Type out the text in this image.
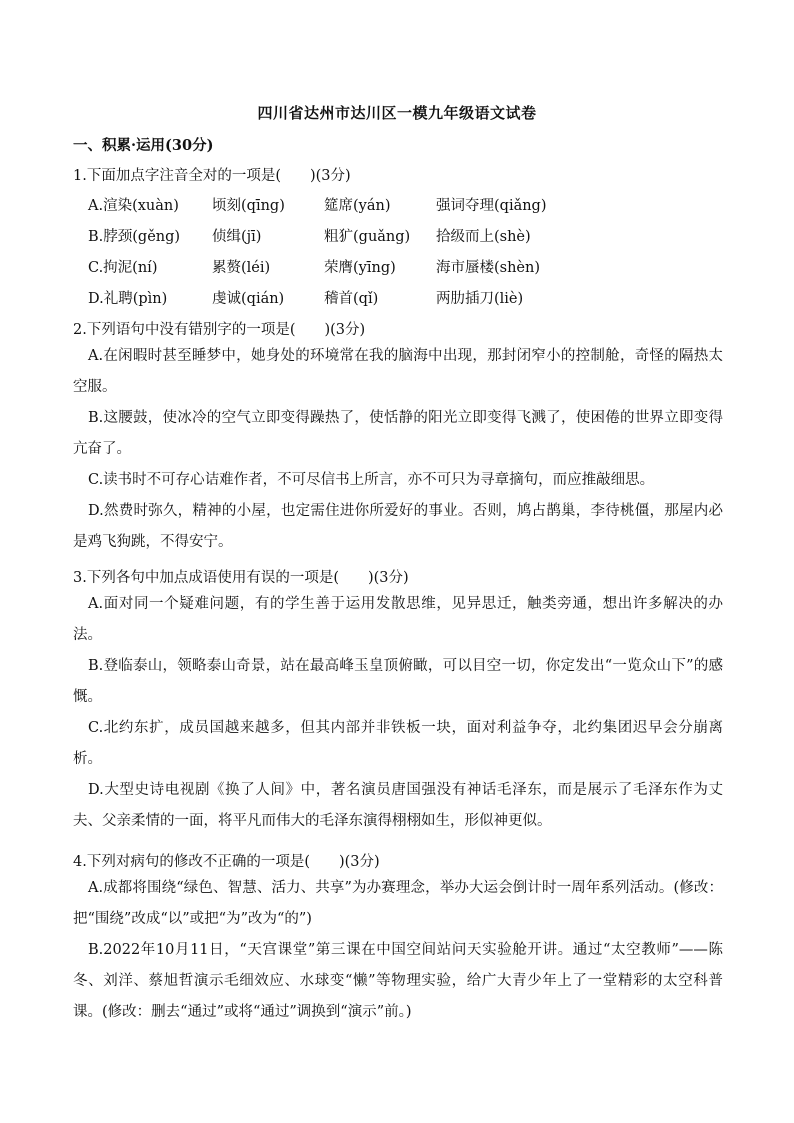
四川省达州市达川区一模九年级语文试卷
一、积累·运用(30分)
1.下面加点字注音全对的一项是(　　)(3分)
A.渲染(xuàn) 顷刻(qīng)	筵席(yán)	强词夺理(qiǎng)
B.脖颈(gěng) 侦缉(jī)	粗犷(guǎng) 拾级而上(shè)
C.拘泥(ní)	累赘(léi)	荣膺(yīng)	海市蜃楼(shèn)
D.礼聘(pìn)	虔诚(qián)	稽首(qǐ)	两肋插刀(liè)
2.下列语句中没有错别字的一项是(　　)(3分)
A.在闲暇时甚至睡梦中，她身处的环境常在我的脑海中出现，那封闭窄小的控制舱，奇怪的隔热太空服。
B.这腰鼓，使冰冷的空气立即变得躁热了，使恬静的阳光立即变得飞溅了，使困倦的世界立即变得亢奋了。
C.读书时不可存心诘难作者，不可尽信书上所言，亦不可只为寻章摘句，而应推敲细思。
D.然费时弥久，精神的小屋，也定需住进你所爱好的事业。否则，鸠占鹊巢，李待桃僵，那屋内必是鸡飞狗跳，不得安宁。
3.下列各句中加点成语使用有误的一项是(　　)(3分)
A.面对同一个疑难问题，有的学生善于运用发散思维，见异思迁，触类旁通，想出许多解决的办法。
B.登临泰山，领略泰山奇景，站在最高峰玉皇顶俯瞰，可以目空一切，你定发出“一览众山下”的感慨。
C.北约东扩，成员国越来越多，但其内部并非铁板一块，面对利益争夺，北约集团迟早会分崩离析。
D.大型史诗电视剧《换了人间》中，著名演员唐国强没有神话毛泽东，而是展示了毛泽东作为丈夫、父亲柔情的一面，将平凡而伟大的毛泽东演得栩栩如生，形似神更似。
4.下列对病句的修改不正确的一项是(　　)(3分)
A.成都将围绕“绿色、智慧、活力、共享”为办赛理念，举办大运会倒计时一周年系列活动。(修改：把“围绕”改成“以”或把“为”改为“的”)
B.2022年10月11日，“天宫课堂”第三课在中国空间站问天实验舱开讲。通过“太空教师”——陈冬、刘洋、蔡旭哲演示毛细效应、水球变“懒”等物理实验，给广大青少年上了一堂精彩的太空科普课。(修改：删去“通过”或将“通过”调换到“演示”前。)
